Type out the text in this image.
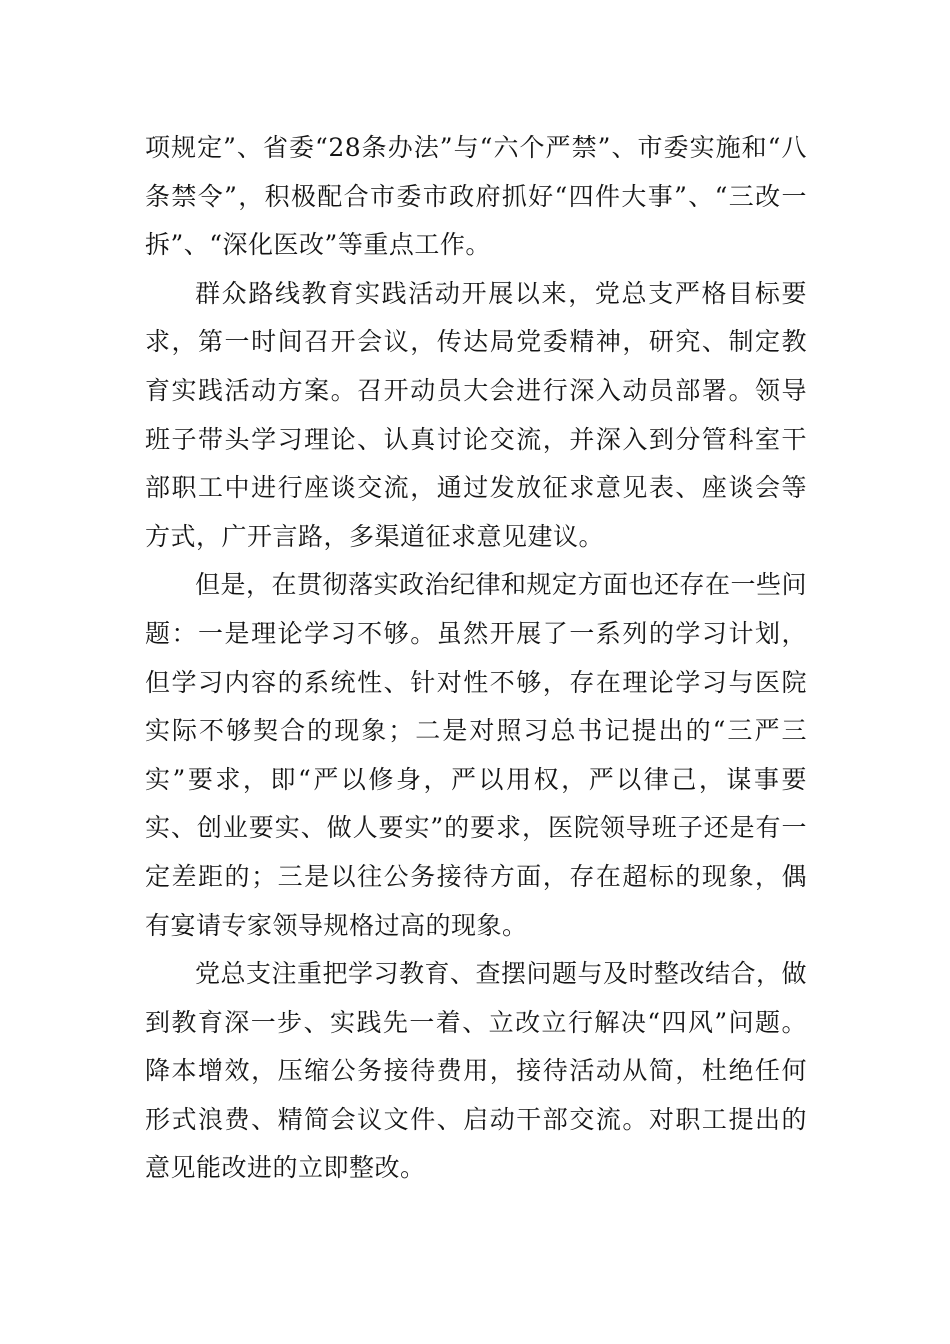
项规定”、省委“28条办法”与“六个严禁”、市委实施和“八条禁令”，积极配合市委市政府抓好“四件大事”、“三改一拆”、“深化医改”等重点工作。

群众路线教育实践活动开展以来，党总支严格目标要求，第一时间召开会议，传达局党委精神，研究、制定教育实践活动方案。召开动员大会进行深入动员部署。领导班子带头学习理论、认真讨论交流，并深入到分管科室干部职工中进行座谈交流，通过发放征求意见表、座谈会等方式，广开言路，多渠道征求意见建议。

但是，在贯彻落实政治纪律和规定方面也还存在一些问题：一是理论学习不够。虽然开展了一系列的学习计划，但学习内容的系统性、针对性不够，存在理论学习与医院实际不够契合的现象；二是对照习总书记提出的“三严三实”要求，即“严以修身，严以用权，严以律己，谋事要实、创业要实、做人要实”的要求，医院领导班子还是有一定差距的；三是以往公务接待方面，存在超标的现象，偶有宴请专家领导规格过高的现象。

党总支注重把学习教育、查摆问题与及时整改结合，做到教育深一步、实践先一着、立改立行解决“四风”问题。降本增效，压缩公务接待费用，接待活动从简，杜绝任何形式浪费、精简会议文件、启动干部交流。对职工提出的意见能改进的立即整改。
